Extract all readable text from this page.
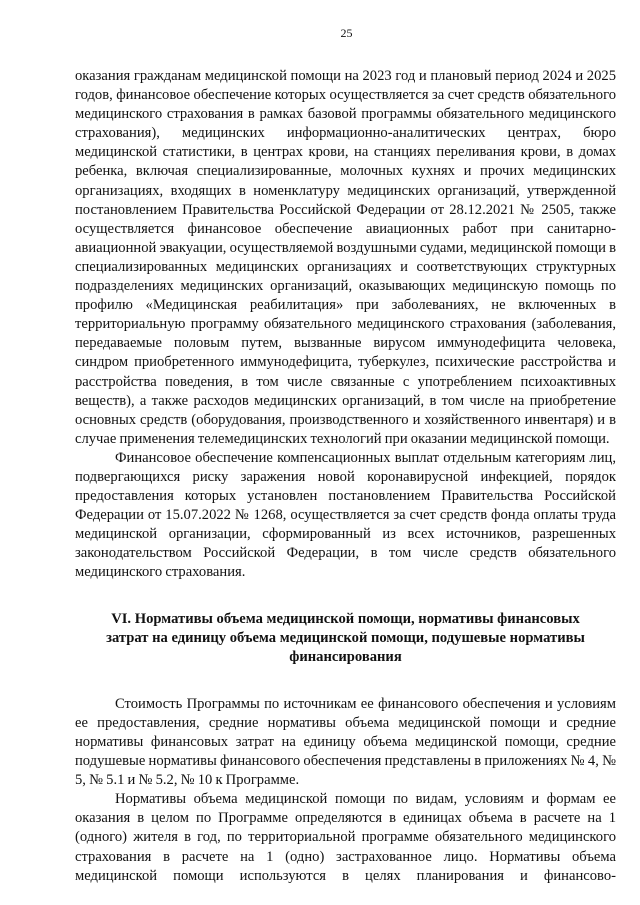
25

оказания гражданам медицинской помощи на 2023 год и плановый период 2024 и 2025 годов, финансовое обеспечение которых осуществляется за счет средств обязательного медицинского страхования в рамках базовой программы обязательного медицинского страхования), медицинских информационно-аналитических центрах, бюро медицинской статистики, в центрах крови, на станциях переливания крови, в домах ребенка, включая специализированные, молочных кухнях и прочих медицинских организациях, входящих в номенклатуру медицинских организаций, утвержденной постановлением Правительства Российской Федерации от 28.12.2021 № 2505, также осуществляется финансовое обеспечение авиационных работ при санитарно-авиационной эвакуации, осуществляемой воздушными судами, медицинской помощи в специализированных медицинских организациях и соответствующих структурных подразделениях медицинских организаций, оказывающих медицинскую помощь по профилю «Медицинская реабилитация» при заболеваниях, не включенных в территориальную программу обязательного медицинского страхования (заболевания, передаваемые половым путем, вызванные вирусом иммунодефицита человека, синдром приобретенного иммунодефицита, туберкулез, психические расстройства и расстройства поведения, в том числе связанные с употреблением психоактивных веществ), а также расходов медицинских организаций, в том числе на приобретение основных средств (оборудования, производственного и хозяйственного инвентаря) и в случае применения телемедицинских технологий при оказании медицинской помощи.

Финансовое обеспечение компенсационных выплат отдельным категориям лиц, подвергающихся риску заражения новой коронавирусной инфекцией, порядок предоставления которых установлен постановлением Правительства Российской Федерации от 15.07.2022 № 1268, осуществляется за счет средств фонда оплаты труда медицинской организации, сформированный из всех источников, разрешенных законодательством Российской Федерации, в том числе средств обязательного медицинского страхования.

VI. Нормативы объема медицинской помощи, нормативы финансовых
затрат на единицу объема медицинской помощи, подушевые нормативы
финансирования

Стоимость Программы по источникам ее финансового обеспечения и условиям ее предоставления, средние нормативы объема медицинской помощи и средние нормативы финансовых затрат на единицу объема медицинской помощи, средние подушевые нормативы финансового обеспечения представлены в приложениях № 4, № 5, № 5.1 и № 5.2, № 10 к Программе.

Нормативы объема медицинской помощи по видам, условиям и формам ее оказания в целом по Программе определяются в единицах объема в расчете на 1 (одного) жителя в год, по территориальной программе обязательного медицинского страхования в расчете на 1 (одно) застрахованное лицо. Нормативы объема медицинской помощи используются в целях планирования и финансово-
